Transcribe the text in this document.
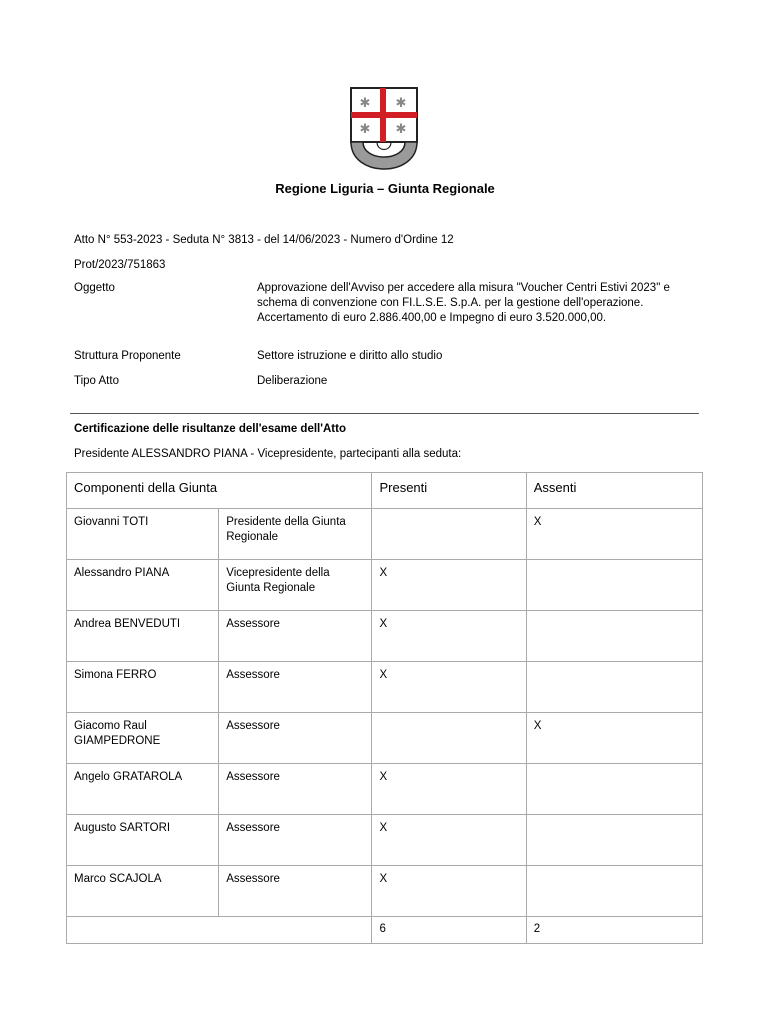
✱ ✱
✱ ✱
Regione Liguria – Giunta Regionale
Atto N° 553-2023 - Seduta N° 3813 - del 14/06/2023 - Numero d'Ordine 12
Prot/2023/751863
Oggetto	Approvazione dell'Avviso per accedere alla misura "Voucher Centri Estivi 2023" e schema di convenzione con FI.L.S.E. S.p.A. per la gestione dell'operazione. Accertamento di euro 2.886.400,00 e Impegno di euro 3.520.000,00.
Struttura Proponente	Settore istruzione e diritto allo studio
Tipo Atto	Deliberazione
Certificazione delle risultanze dell'esame dell'Atto
Presidente ALESSANDRO PIANA - Vicepresidente, partecipanti alla seduta:
Componenti della Giunta		Presenti	Assenti
Giovanni TOTI	Presidente della Giunta Regionale		X
Alessandro PIANA	Vicepresidente della Giunta Regionale	X	
Andrea BENVEDUTI	Assessore	X	
Simona FERRO	Assessore	X	
Giacomo Raul GIAMPEDRONE	Assessore		X
Angelo GRATAROLA	Assessore	X	
Augusto SARTORI	Assessore	X	
Marco SCAJOLA	Assessore	X	
		6	2
